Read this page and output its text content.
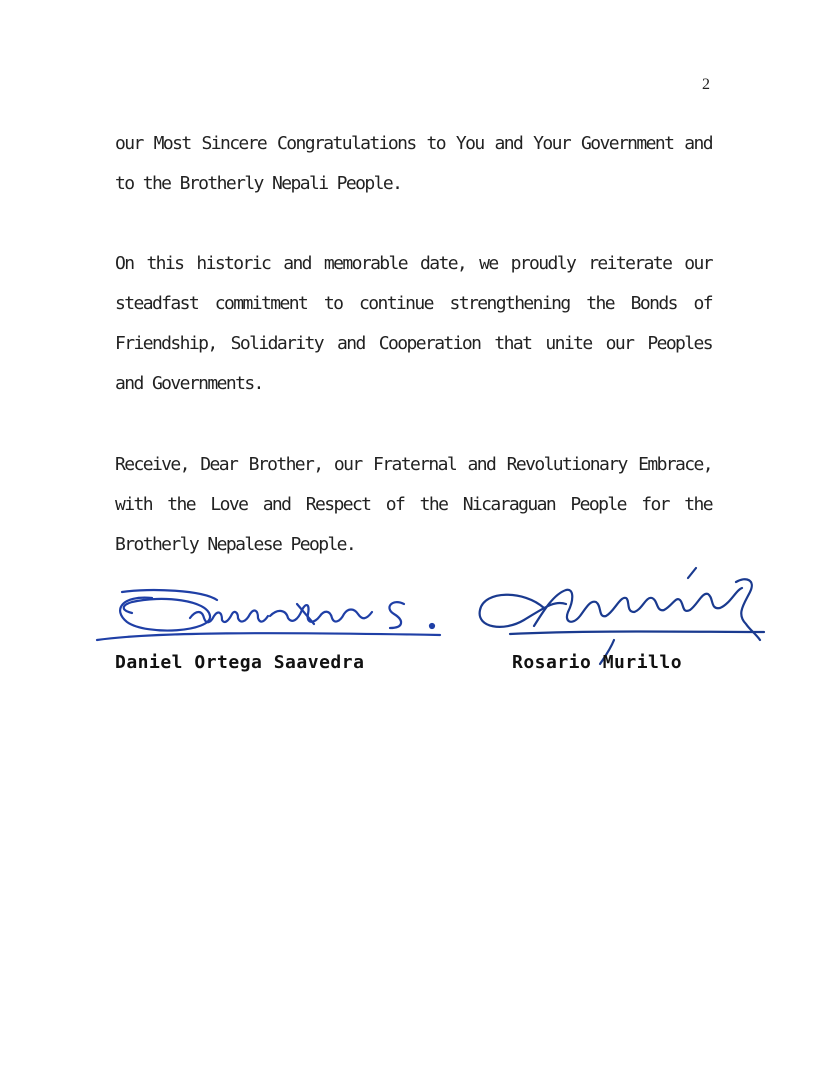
2

our Most Sincere Congratulations to You and Your Government and to the Brotherly Nepali People.

On this historic and memorable date, we proudly reiterate our steadfast commitment to continue strengthening the Bonds of Friendship, Solidarity and Cooperation that unite our Peoples and Governments.

Receive, Dear Brother, our Fraternal and Revolutionary Embrace, with the Love and Respect of the Nicaraguan People for the Brotherly Nepalese People.

Daniel Ortega Saavedra	Rosario Murillo
